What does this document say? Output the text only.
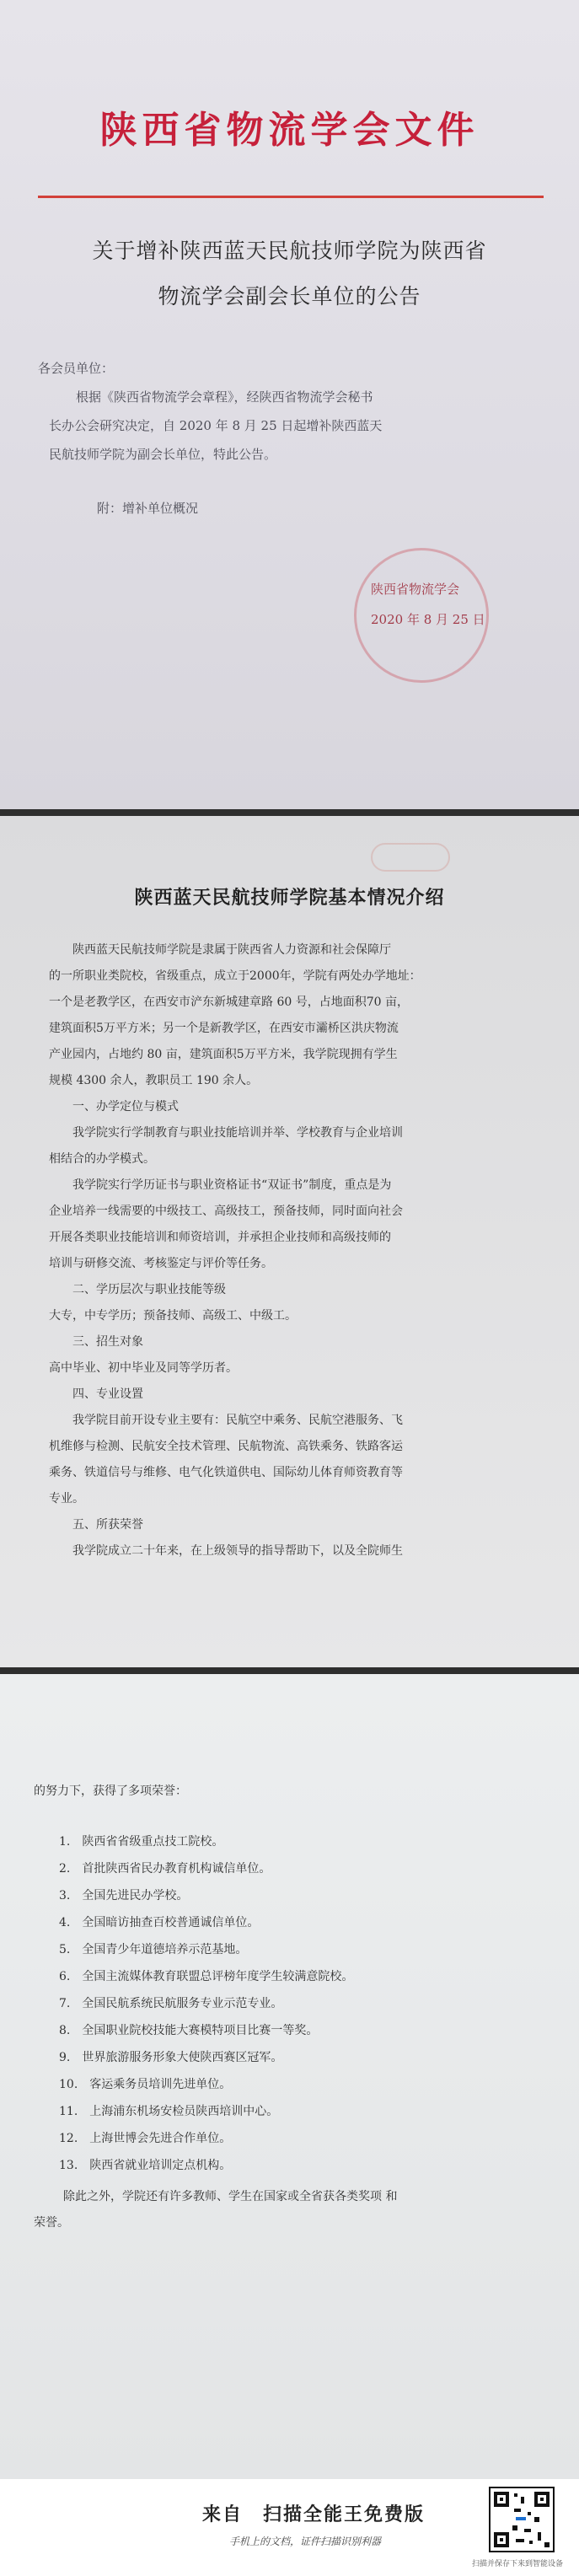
陕西省物流学会文件
关于增补陕西蓝天民航技师学院为陕西省
物流学会副会长单位的公告
各会员单位：
根据《陕西省物流学会章程》，经陕西省物流学会秘书
长办公会研究决定，自 2020 年 8 月 25 日起增补陕西蓝天
民航技师学院为副会长单位，特此公告。
附：增补单位概况
陕西省物流学会
2020 年 8 月 25 日
陕西蓝天民航技师学院基本情况介绍
陕西蓝天民航技师学院是隶属于陕西省人力资源和社会保障厅
的一所职业类院校，省级重点，成立于2000年，学院有两处办学地址：
一个是老教学区，在西安市浐东新城建章路 60 号，占地面积70 亩，
建筑面积5万平方米；另一个是新教学区，在西安市灞桥区洪庆物流
产业园内，占地约 80 亩，建筑面积5万平方米，我学院现拥有学生
规模 4300 余人，教职员工 190 余人。
一、办学定位与模式
我学院实行学制教育与职业技能培训并举、学校教育与企业培训
相结合的办学模式。
我学院实行学历证书与职业资格证书“双证书”制度，重点是为
企业培养一线需要的中级技工、高级技工，预备技师，同时面向社会
开展各类职业技能培训和师资培训，并承担企业技师和高级技师的
培训与研修交流、考核鉴定与评价等任务。
二、学历层次与职业技能等级
大专，中专学历；预备技师、高级工、中级工。
三、招生对象
高中毕业、初中毕业及同等学历者。
四、专业设置
我学院目前开设专业主要有：民航空中乘务、民航空港服务、飞
机维修与检测、民航安全技术管理、民航物流、高铁乘务、铁路客运
乘务、铁道信号与维修、电气化铁道供电、国际幼儿体育师资教育等
专业。
五、所获荣誉
我学院成立二十年来，在上级领导的指导帮助下，以及全院师生
的努力下，获得了多项荣誉：
1.　陕西省省级重点技工院校。
2.　首批陕西省民办教育机构诚信单位。
3.　全国先进民办学校。
4.　全国暗访抽查百校普通诚信单位。
5.　全国青少年道德培养示范基地。
6.　全国主流媒体教育联盟总评榜年度学生较满意院校。
7.　全国民航系统民航服务专业示范专业。
8.　全国职业院校技能大赛模特项目比赛一等奖。
9.　世界旅游服务形象大使陕西赛区冠军。
10.　客运乘务员培训先进单位。
11.　上海浦东机场安检员陕西培训中心。
12.　上海世博会先进合作单位。
13.　陕西省就业培训定点机构。
除此之外，学院还有许多教师、学生在国家或全省获各类奖项 和
荣誉。
来自　扫描全能王免费版
手机上的文档，证件扫描识别利器
扫描并保存下来到智能设备
